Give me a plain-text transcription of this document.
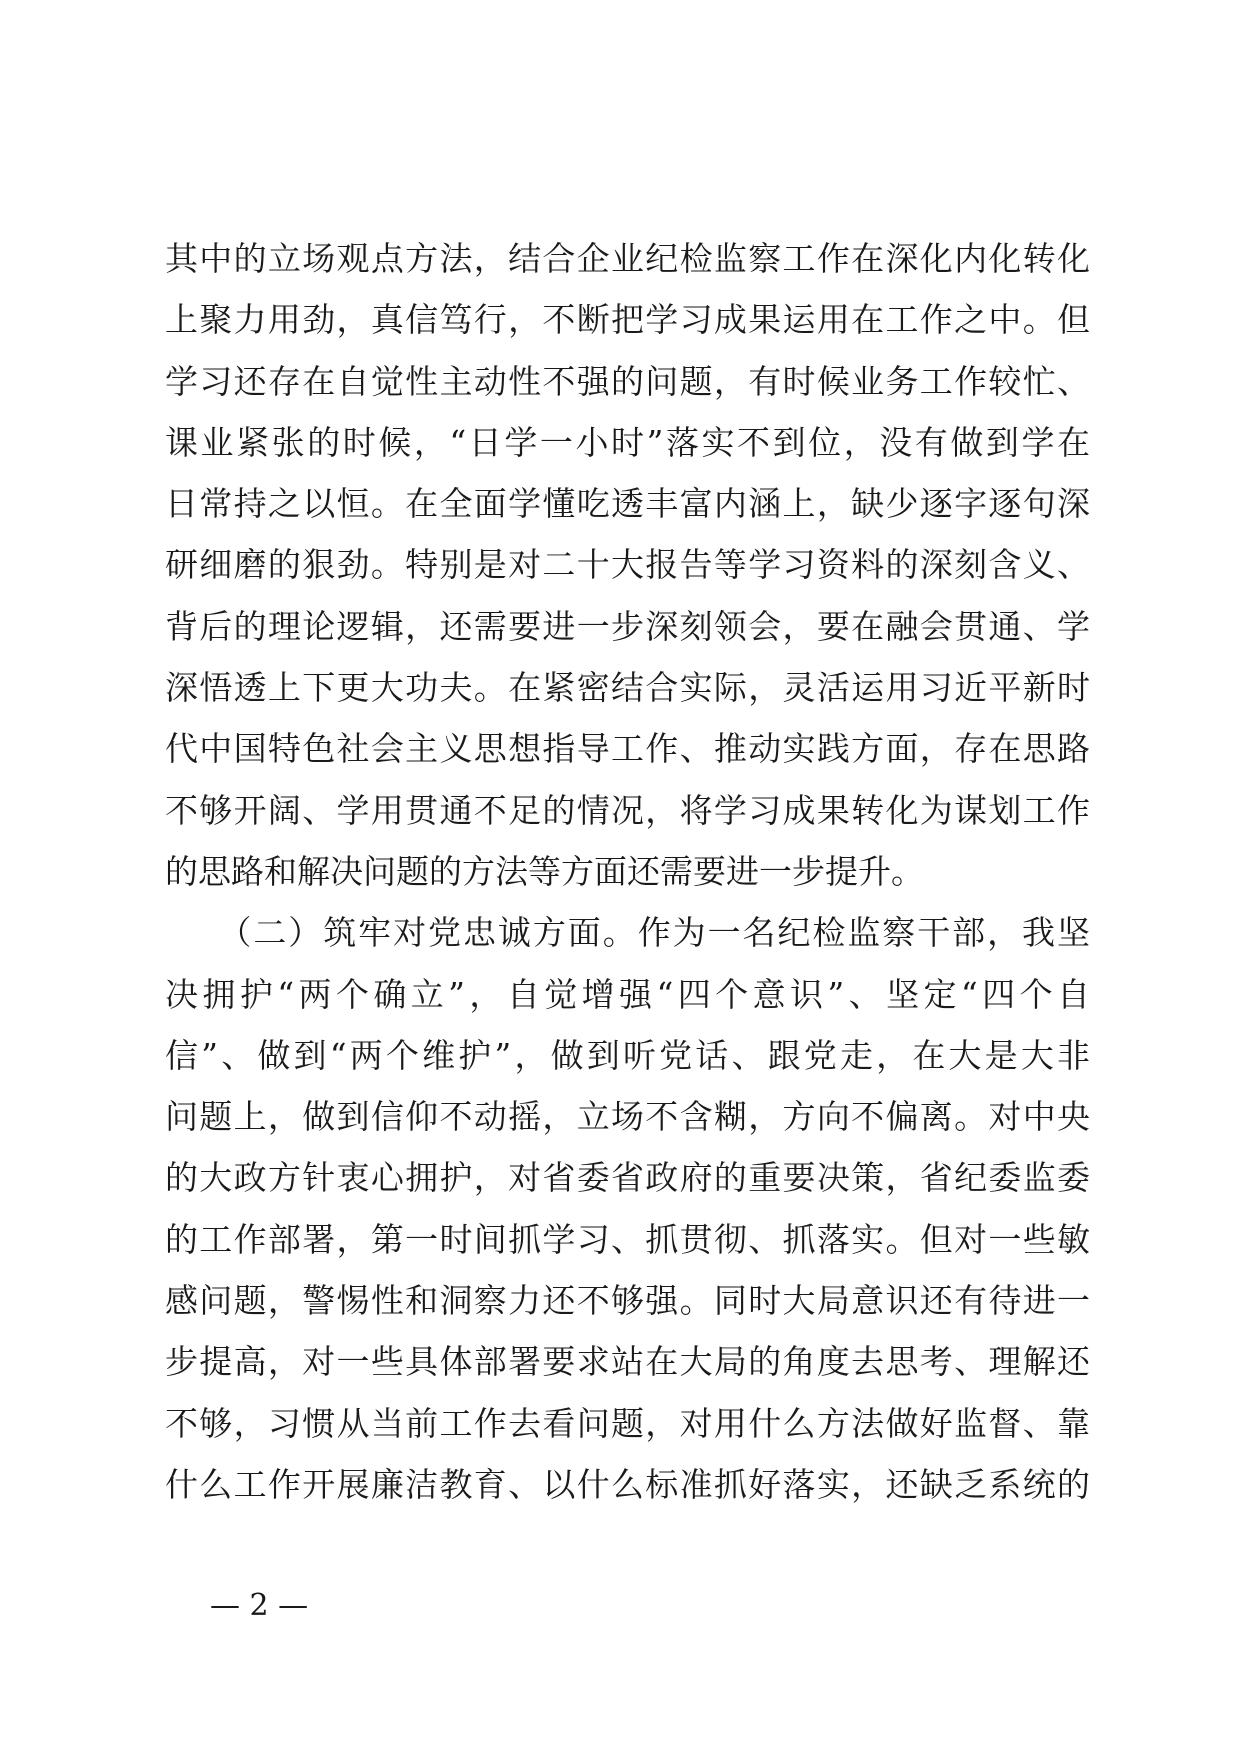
其中的立场观点方法，结合企业纪检监察工作在深化内化转化
上聚力用劲，真信笃行，不断把学习成果运用在工作之中。但
学习还存在自觉性主动性不强的问题，有时候业务工作较忙、
课业紧张的时候，“日学一小时”落实不到位，没有做到学在
日常持之以恒。在全面学懂吃透丰富内涵上，缺少逐字逐句深
研细磨的狠劲。特别是对二十大报告等学习资料的深刻含义、
背后的理论逻辑，还需要进一步深刻领会，要在融会贯通、学
深悟透上下更大功夫。在紧密结合实际，灵活运用习近平新时
代中国特色社会主义思想指导工作、推动实践方面，存在思路
不够开阔、学用贯通不足的情况，将学习成果转化为谋划工作
的思路和解决问题的方法等方面还需要进一步提升。
　　（二）筑牢对党忠诚方面。作为一名纪检监察干部，我坚
决拥护“两个确立”，自觉增强“四个意识”、坚定“四个自
信”、做到“两个维护”，做到听党话、跟党走，在大是大非
问题上，做到信仰不动摇，立场不含糊，方向不偏离。对中央
的大政方针衷心拥护，对省委省政府的重要决策，省纪委监委
的工作部署，第一时间抓学习、抓贯彻、抓落实。但对一些敏
感问题，警惕性和洞察力还不够强。同时大局意识还有待进一
步提高，对一些具体部署要求站在大局的角度去思考、理解还
不够，习惯从当前工作去看问题，对用什么方法做好监督、靠
什么工作开展廉洁教育、以什么标准抓好落实，还缺乏系统的
— 2 —
